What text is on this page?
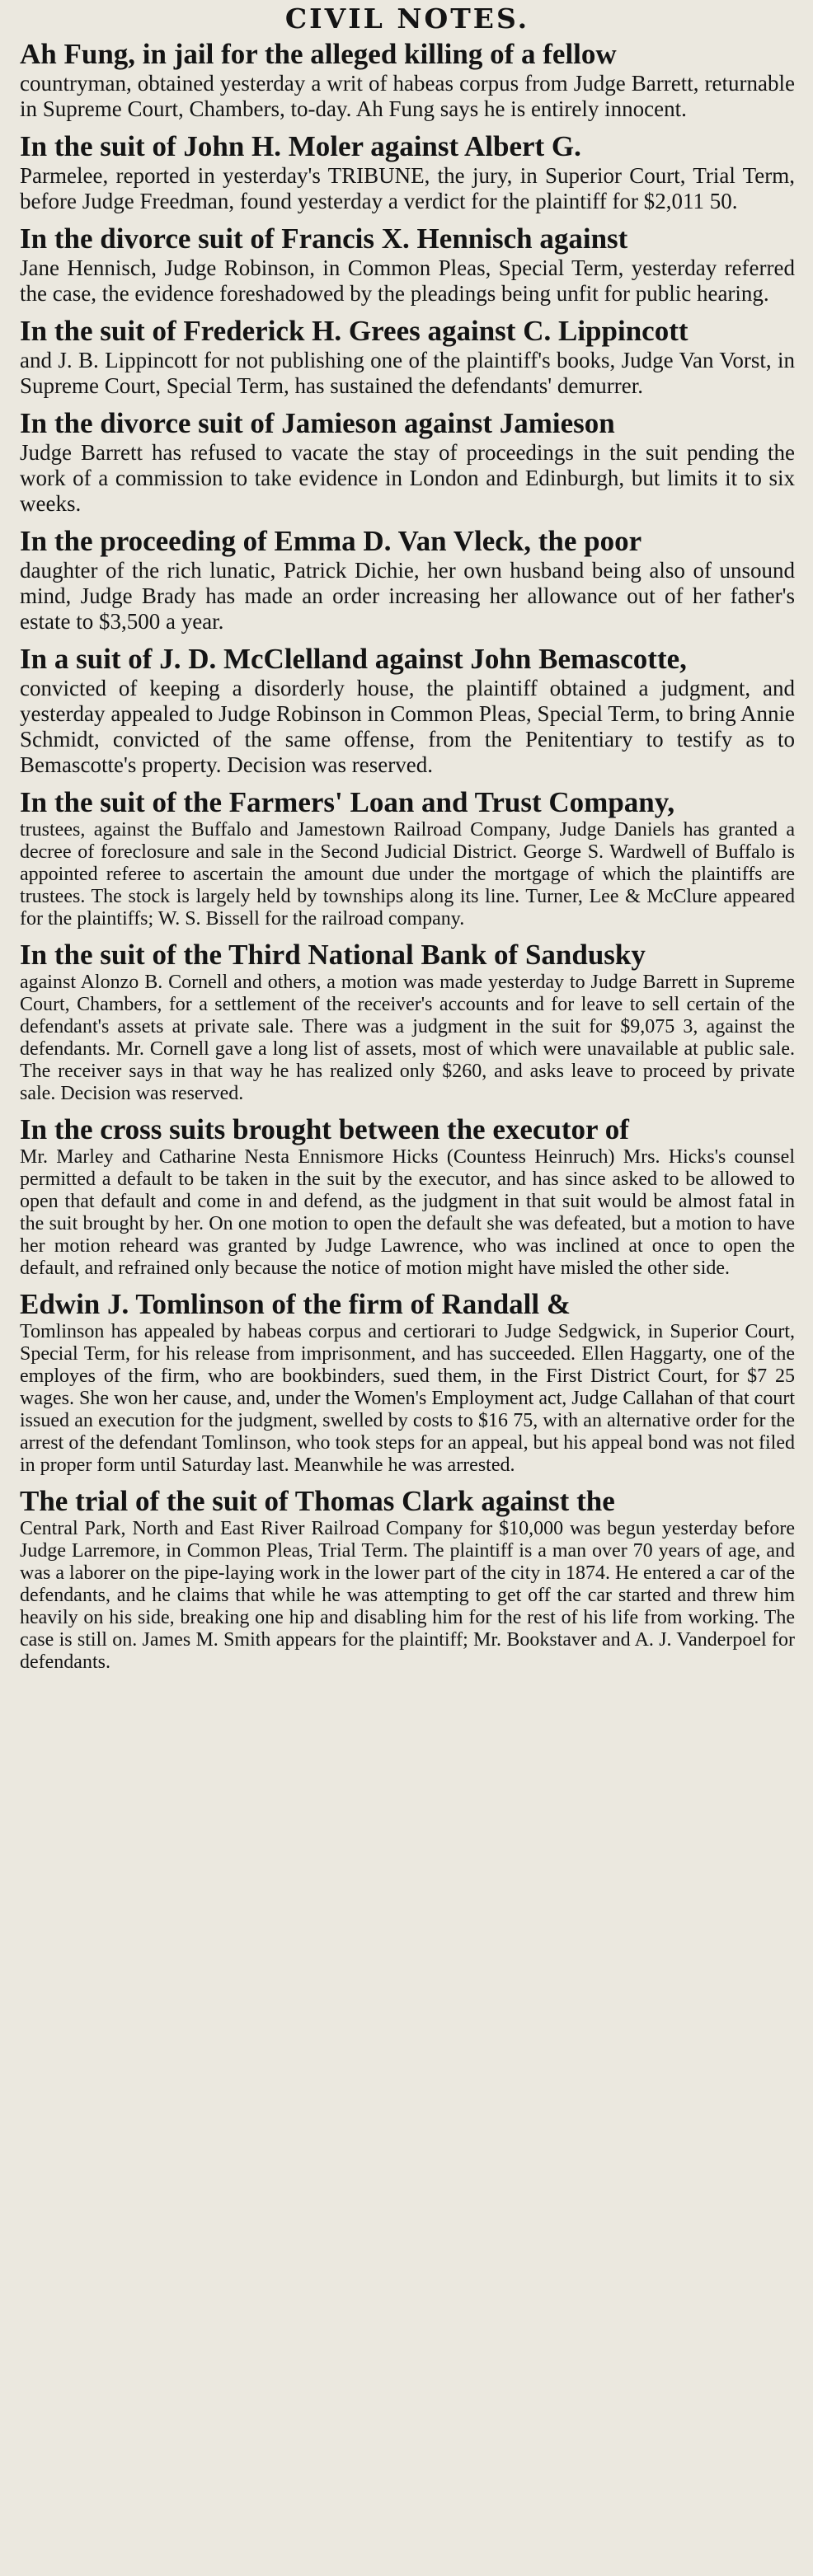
CIVIL NOTES.
Ah Fung, in jail for the alleged killing of a fellow
countryman, obtained yesterday a writ of habeas corpus from Judge Barrett, returnable in Supreme Court, Chambers, to-day. Ah Fung says he is entirely innocent.
In the suit of John H. Moler against Albert G.
Parmelee, reported in yesterday's TRIBUNE, the jury, in Superior Court, Trial Term, before Judge Freedman, found yesterday a verdict for the plaintiff for $2,011 50.
In the divorce suit of Francis X. Hennisch against
Jane Hennisch, Judge Robinson, in Common Pleas, Special Term, yesterday referred the case, the evidence foreshadowed by the pleadings being unfit for public hearing.
In the suit of Frederick H. Grees against C. Lippincott
and J. B. Lippincott for not publishing one of the plaintiff's books, Judge Van Vorst, in Supreme Court, Special Term, has sustained the defendants' demurrer.
In the divorce suit of Jamieson against Jamieson
Judge Barrett has refused to vacate the stay of proceedings in the suit pending the work of a commission to take evidence in London and Edinburgh, but limits it to six weeks.
In the proceeding of Emma D. Van Vleck, the poor
daughter of the rich lunatic, Patrick Dichie, her own husband being also of unsound mind, Judge Brady has made an order increasing her allowance out of her father's estate to $3,500 a year.
In a suit of J. D. McClelland against John Bemascotte,
convicted of keeping a disorderly house, the plaintiff obtained a judgment, and yesterday appealed to Judge Robinson in Common Pleas, Special Term, to bring Annie Schmidt, convicted of the same offense, from the Penitentiary to testify as to Bemascotte's property. Decision was reserved.
In the suit of the Farmers' Loan and Trust Company,
trustees, against the Buffalo and Jamestown Railroad Company, Judge Daniels has granted a decree of foreclosure and sale in the Second Judicial District. George S. Wardwell of Buffalo is appointed referee to ascertain the amount due under the mortgage of which the plaintiffs are trustees. The stock is largely held by townships along its line. Turner, Lee & McClure appeared for the plaintiffs; W. S. Bissell for the railroad company.
In the suit of the Third National Bank of Sandusky
against Alonzo B. Cornell and others, a motion was made yesterday to Judge Barrett in Supreme Court, Chambers, for a settlement of the receiver's accounts and for leave to sell certain of the defendant's assets at private sale. There was a judgment in the suit for $9,075 3, against the defendants. Mr. Cornell gave a long list of assets, most of which were unavailable at public sale. The receiver says in that way he has realized only $260, and asks leave to proceed by private sale. Decision was reserved.
In the cross suits brought between the executor of
Mr. Marley and Catharine Nesta Ennismore Hicks (Countess Heinruch) Mrs. Hicks's counsel permitted a default to be taken in the suit by the executor, and has since asked to be allowed to open that default and come in and defend, as the judgment in that suit would be almost fatal in the suit brought by her. On one motion to open the default she was defeated, but a motion to have her motion reheard was granted by Judge Lawrence, who was inclined at once to open the default, and refrained only because the notice of motion might have misled the other side.
Edwin J. Tomlinson of the firm of Randall &
Tomlinson has appealed by habeas corpus and certiorari to Judge Sedgwick, in Superior Court, Special Term, for his release from imprisonment, and has succeeded. Ellen Haggarty, one of the employes of the firm, who are bookbinders, sued them, in the First District Court, for $7 25 wages. She won her cause, and, under the Women's Employment act, Judge Callahan of that court issued an execution for the judgment, swelled by costs to $16 75, with an alternative order for the arrest of the defendant Tomlinson, who took steps for an appeal, but his appeal bond was not filed in proper form until Saturday last. Meanwhile he was arrested.
The trial of the suit of Thomas Clark against the
Central Park, North and East River Railroad Company for $10,000 was begun yesterday before Judge Larremore, in Common Pleas, Trial Term. The plaintiff is a man over 70 years of age, and was a laborer on the pipe-laying work in the lower part of the city in 1874. He entered a car of the defendants, and he claims that while he was attempting to get off the car started and threw him heavily on his side, breaking one hip and disabling him for the rest of his life from working. The case is still on. James M. Smith appears for the plaintiff; Mr. Bookstaver and A. J. Vanderpoel for defendants.
